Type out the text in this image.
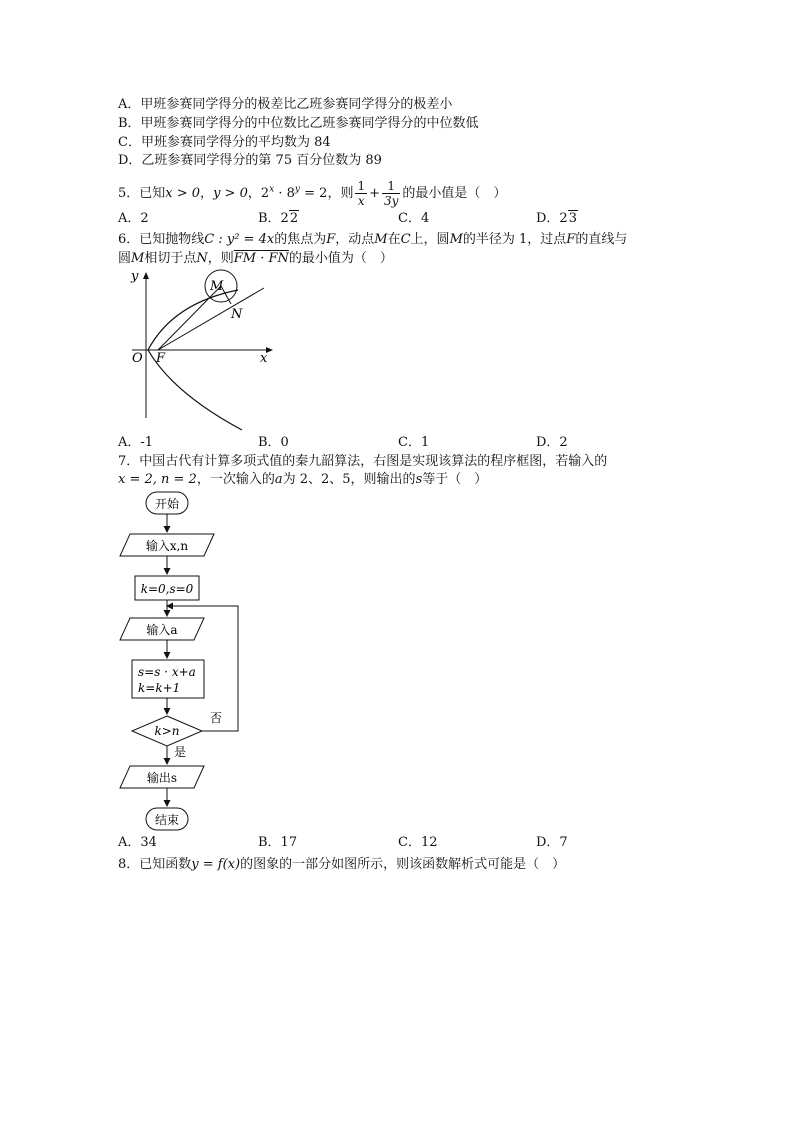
A．甲班参赛同学得分的极差比乙班参赛同学得分的极差小
B．甲班参赛同学得分的中位数比乙班参赛同学得分的中位数低
C．甲班参赛同学得分的平均数为 84
D．乙班参赛同学得分的第 75 百分位数为 89
5．已知x > 0，y > 0，$2^x \cdot 8^y = 2$，则 $\frac{1}{x} + \frac{1}{3y}$ 的最小值是（　）
A．2	B．22	C．4	D．23
6．已知抛物线C : y² = 4x的焦点为F，动点M在C上，圆M的半径为 1，过点F的直线与
圆M相切于点N，则FM · FN的最小值为（　）
y
x
O F
M
N
A．-1	B．0	C．1	D．2
7．中国古代有计算多项式值的秦九韶算法，右图是实现该算法的程序框图，若输入的
x = 2, n = 2，一次输入的a为 2、2、5，则输出的s等于（　）
开始
输入x,n
k=0,s=0
输入a
s=s · x+a
k=k+1
k>n
否
是
输出s
结束
A．34	B．17	C．12	D．7
8．已知函数y = f(x)的图象的一部分如图所示，则该函数解析式可能是（　）
